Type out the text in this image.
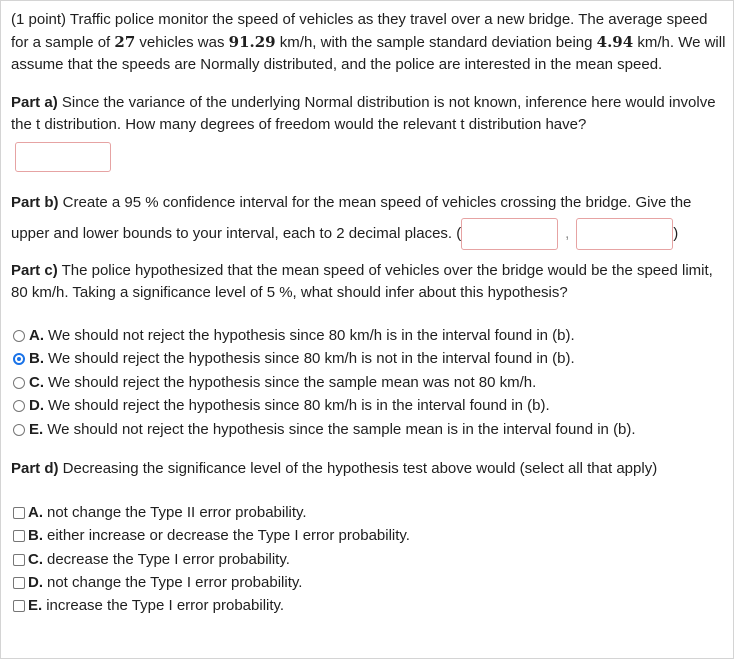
(1 point) Traffic police monitor the speed of vehicles as they travel over a new bridge. The average speed for a sample of 27 vehicles was 91.29 km/h, with the sample standard deviation being 4.94 km/h. We will assume that the speeds are Normally distributed, and the police are interested in the mean speed.

Part a) Since the variance of the underlying Normal distribution is not known, inference here would involve the t distribution. How many degrees of freedom would the relevant t distribution have?

Part b) Create a 95 % confidence interval for the mean speed of vehicles crossing the bridge. Give the
upper and lower bounds to your interval, each to 2 decimal places. (	,	)

Part c) The police hypothesized that the mean speed of vehicles over the bridge would be the speed limit, 80 km/h. Taking a significance level of 5 %, what should infer about this hypothesis?

A. We should not reject the hypothesis since 80 km/h is in the interval found in (b).
B. We should reject the hypothesis since 80 km/h is not in the interval found in (b).
C. We should reject the hypothesis since the sample mean was not 80 km/h.
D. We should reject the hypothesis since 80 km/h is in the interval found in (b).
E. We should not reject the hypothesis since the sample mean is in the interval found in (b).

Part d) Decreasing the significance level of the hypothesis test above would (select all that apply)

A. not change the Type II error probability.
B. either increase or decrease the Type I error probability.
C. decrease the Type I error probability.
D. not change the Type I error probability.
E. increase the Type I error probability.
